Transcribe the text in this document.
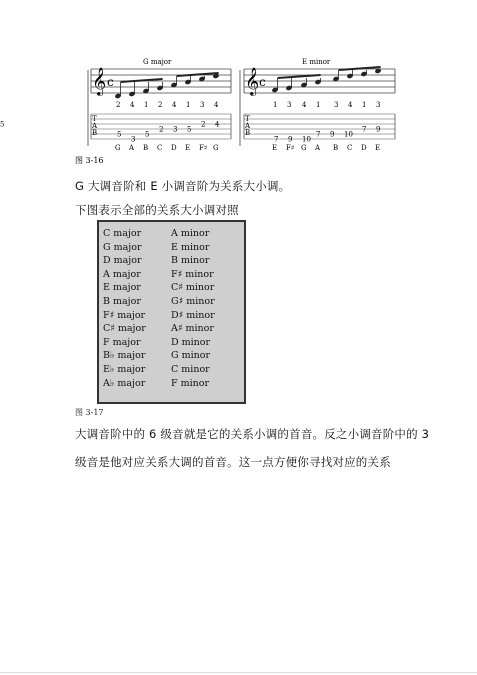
G major
𝄞 c
E minor
𝄞 c
T
A
B
T
A
B
2
G
4
A
1
B
2
C
4
D
1
E
3
F♯
4
G
5
3
5
2 3 5
2 4
5
1
E
3
F♯
4
G
1
A
3
B
4
C
1
D
3
E
7 9 10
7 9 10
7 9
图 3-16
G 大调音阶和 E 小调音阶为关系大小调。
下图表示全部的关系大小调对照
C major	A minor
G major	E minor
D major	B minor
A major	F♯ minor
E major	C♯ minor
B major	G♯ minor
F♯ major	D♯ minor
C♯ major	A♯ minor
F major	D minor
B♭ major	G minor
E♭ major	C minor
A♭ major	F minor
图 3-17
大调音阶中的 6 级音就是它的关系小调的首音。反之小调音阶中的 3
级音是他对应关系大调的首音。这一点方便你寻找对应的关系
